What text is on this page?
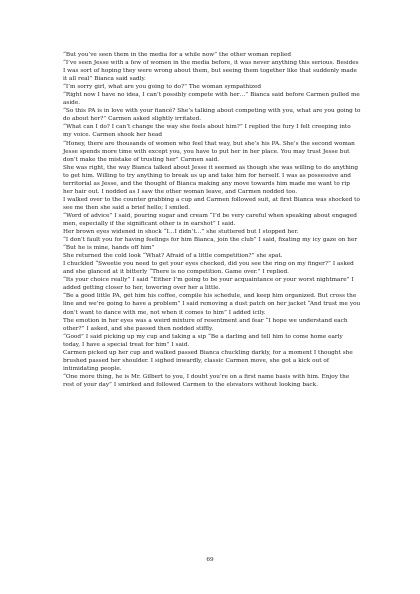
“But you’ve seen them in the media for a while now” the other woman replied

“I’ve seen Jesse with a few of women in the media before, it was never anything this serious. Besides I was sort of hoping they were wrong about them, but seeing them together like that suddenly made it all real” Bianca said sadly.

“I’m sorry girl, what are you going to do?” The woman sympathized

“Right now I have no idea, I can’t possibly compete with her…” Bianca said before Carmen pulled me aside.

“So this PA is in love with your fiancé? She’s talking about competing with you, what are you going to do about her?” Carmen asked slightly irritated.

“What can I do? I can’t change the way she feels about him?” I replied the fury I felt creeping into my voice. Carmen shook her head

“Honey, there are thousands of women who feel that way, but she’s his PA. She’s the second woman Jesse spends more time with except you, you have to put her in her place. You may trust Jesse but don’t make the mistake of trusting her” Carmen said.

She was right, the way Bianca talked about Jesse it seemed as though she was willing to do anything to get him. Willing to try anything to break us up and take him for herself. I was as possessive and territorial as Jesse, and the thought of Bianca making any move towards him made me want to rip her hair out. I nodded as I saw the other woman leave, and Carmen nodded too.

I walked over to the counter grabbing a cup and Carmen followed suit, at first Bianca was shocked to see me then she said a brief hello; I smiled.

“Word of advice” I said, pouring sugar and cream “I’d be very careful when speaking about engaged men, especially if the significant other is in earshot” I said.

Her brown eyes widened in shock “I…I didn’t…” she stuttered but I stopped her.

“I don’t fault you for having feelings for him Bianca, join the club” I said, fixating my icy gaze on her “But he is mine, hands off him”

She returned the cold look “What? Afraid of a little competition?” she spat.

I chuckled “Sweetie you need to get your eyes checked, did you see the ring on my finger?” I asked and she glanced at it bitterly “There is no competition. Game over.” I replied.

“Its your choice really” I said “Either I’m going to be your acquaintance or your worst nightmare” I added getting closer to her, towering over her a little.

“Be a good little PA, get him his coffee, compile his schedule, and keep him organized. But cross the line and we’re going to have a problem” I said removing a dust patch on her jacket “And trust me you don’t want to dance with me, not when it comes to him” I added icily.

The emotion in her eyes was a weird mixture of resentment and fear “I hope we understand each other?” I asked, and she passed then nodded stiffly.

“Good” I said picking up my cup and taking a sip “Be a darling and tell him to come home early today, I have a special treat for him” I said.

Carmen picked up her cup and walked passed Bianca chuckling darkly, for a moment I thought she brushed passed her shoulder. I sighed inwardly, classic Carmen move, she got a kick out of intimidating people.

“One more thing, he is Mr. Gilbert to you, I doubt you’re on a first name basis with him. Enjoy the rest of your day” I smirked and followed Carmen to the elevators without looking back.

69
